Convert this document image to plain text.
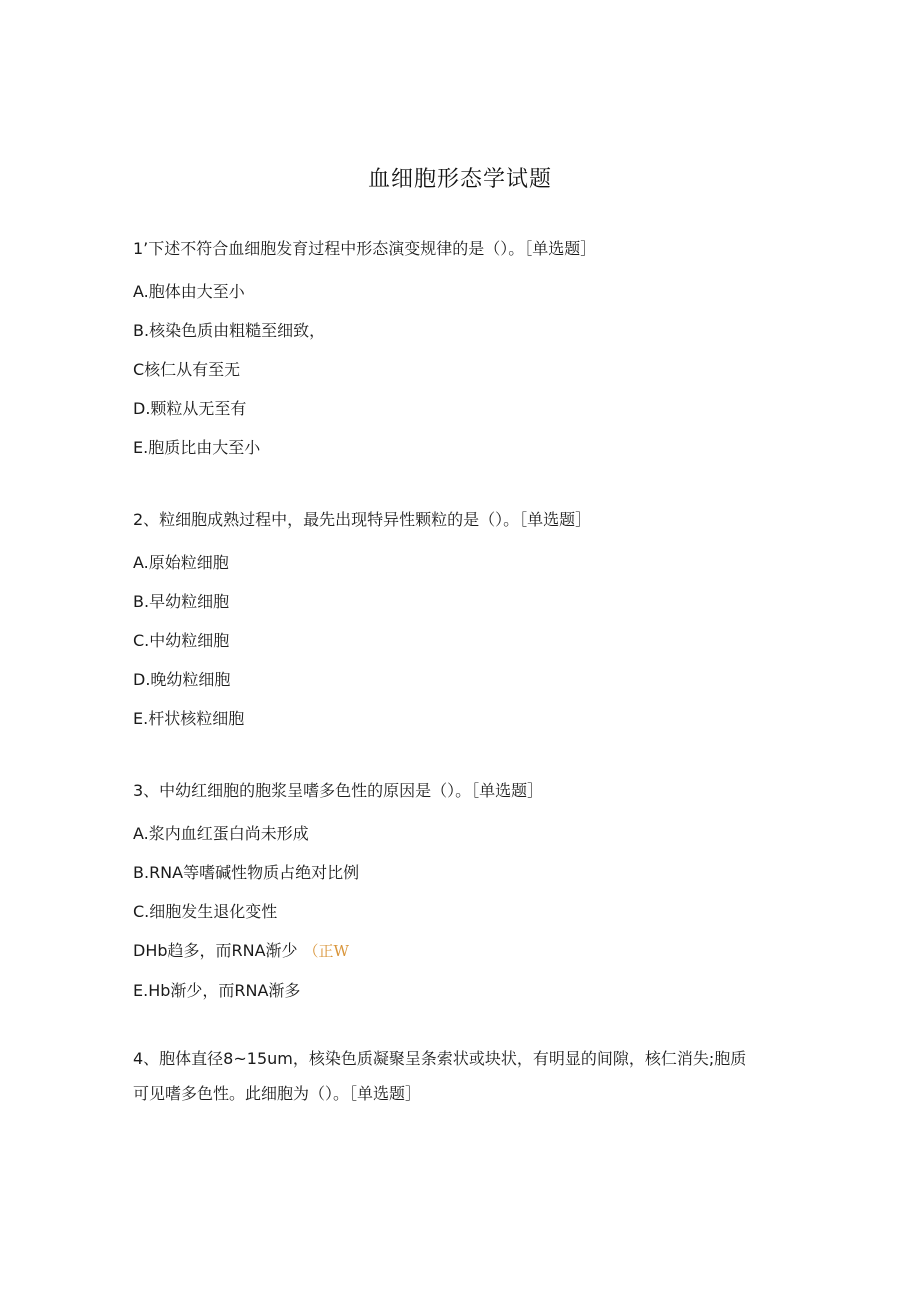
血细胞形态学试题
1’下述不符合血细胞发育过程中形态演变规律的是（）。［单选题］
A.胞体由大至小
B.核染色质由粗糙至细致，
C核仁从有至无
D.颗粒从无至有
E.胞质比由大至小
2、粒细胞成熟过程中，最先出现特异性颗粒的是（）。［单选题］
A.原始粒细胞
B.早幼粒细胞
C.中幼粒细胞
D.晚幼粒细胞
E.杆状核粒细胞
3、中幼红细胞的胞浆呈嗜多色性的原因是（）。［单选题］
A.浆内血红蛋白尚未形成
B.RNA等嗜碱性物质占绝对比例
C.细胞发生退化变性
DHb趋多，而RNA渐少 （正W
E.Hb渐少，而RNA渐多
4、胞体直径8~15um，核染色质凝聚呈条索状或块状，有明显的间隙，核仁消失;胞质
可见嗜多色性。此细胞为（）。［单选题］
